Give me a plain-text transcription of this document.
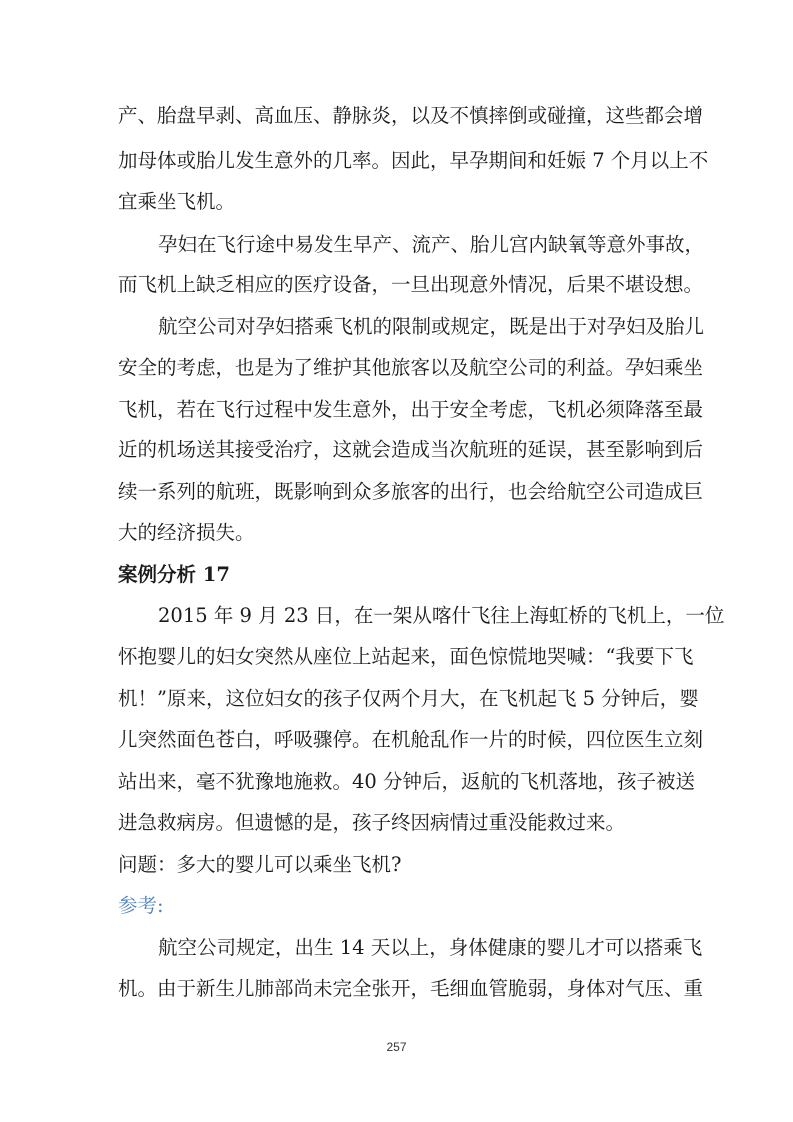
产、胎盘早剥、高血压、静脉炎，以及不慎摔倒或碰撞，这些都会增
加母体或胎儿发生意外的几率。因此，早孕期间和妊娠 7 个月以上不
宜乘坐飞机。
孕妇在飞行途中易发生早产、流产、胎儿宫内缺氧等意外事故，
而飞机上缺乏相应的医疗设备，一旦出现意外情况，后果不堪设想。
航空公司对孕妇搭乘飞机的限制或规定，既是出于对孕妇及胎儿
安全的考虑，也是为了维护其他旅客以及航空公司的利益。孕妇乘坐
飞机，若在飞行过程中发生意外，出于安全考虑，飞机必须降落至最
近的机场送其接受治疗，这就会造成当次航班的延误，甚至影响到后
续一系列的航班，既影响到众多旅客的出行，也会给航空公司造成巨
大的经济损失。
案例分析 17
2015 年 9 月 23 日，在一架从喀什飞往上海虹桥的飞机上，一位
怀抱婴儿的妇女突然从座位上站起来，面色惊慌地哭喊：“我要下飞
机！”原来，这位妇女的孩子仅两个月大，在飞机起飞 5 分钟后，婴
儿突然面色苍白，呼吸骤停。在机舱乱作一片的时候，四位医生立刻
站出来，毫不犹豫地施救。40 分钟后，返航的飞机落地，孩子被送
进急救病房。但遗憾的是，孩子终因病情过重没能救过来。
问题：多大的婴儿可以乘坐飞机?
参考:
航空公司规定，出生 14 天以上，身体健康的婴儿才可以搭乘飞
机。由于新生儿肺部尚未完全张开，毛细血管脆弱，身体对气压、重
257
